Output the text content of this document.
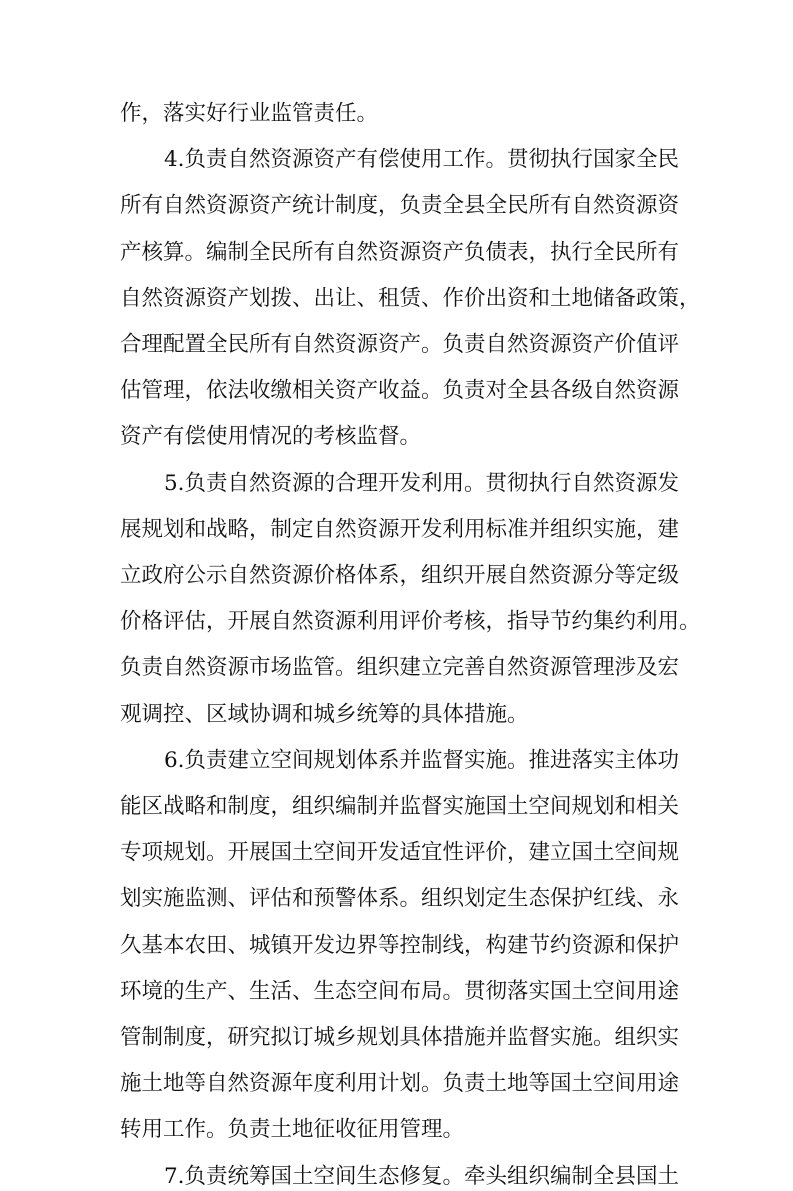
作，落实好行业监管责任。
4.负责自然资源资产有偿使用工作。贯彻执行国家全民
所有自然资源资产统计制度，负责全县全民所有自然资源资
产核算。编制全民所有自然资源资产负债表，执行全民所有
自然资源资产划拨、出让、租赁、作价出资和土地储备政策，
合理配置全民所有自然资源资产。负责自然资源资产价值评
估管理，依法收缴相关资产收益。负责对全县各级自然资源
资产有偿使用情况的考核监督。
5.负责自然资源的合理开发利用。贯彻执行自然资源发
展规划和战略，制定自然资源开发利用标准并组织实施，建
立政府公示自然资源价格体系，组织开展自然资源分等定级
价格评估，开展自然资源利用评价考核，指导节约集约利用。
负责自然资源市场监管。组织建立完善自然资源管理涉及宏
观调控、区域协调和城乡统筹的具体措施。
6.负责建立空间规划体系并监督实施。推进落实主体功
能区战略和制度，组织编制并监督实施国土空间规划和相关
专项规划。开展国土空间开发适宜性评价，建立国土空间规
划实施监测、评估和预警体系。组织划定生态保护红线、永
久基本农田、城镇开发边界等控制线，构建节约资源和保护
环境的生产、生活、生态空间布局。贯彻落实国土空间用途
管制制度，研究拟订城乡规划具体措施并监督实施。组织实
施土地等自然资源年度利用计划。负责土地等国土空间用途
转用工作。负责土地征收征用管理。
7.负责统筹国土空间生态修复。牵头组织编制全县国土
